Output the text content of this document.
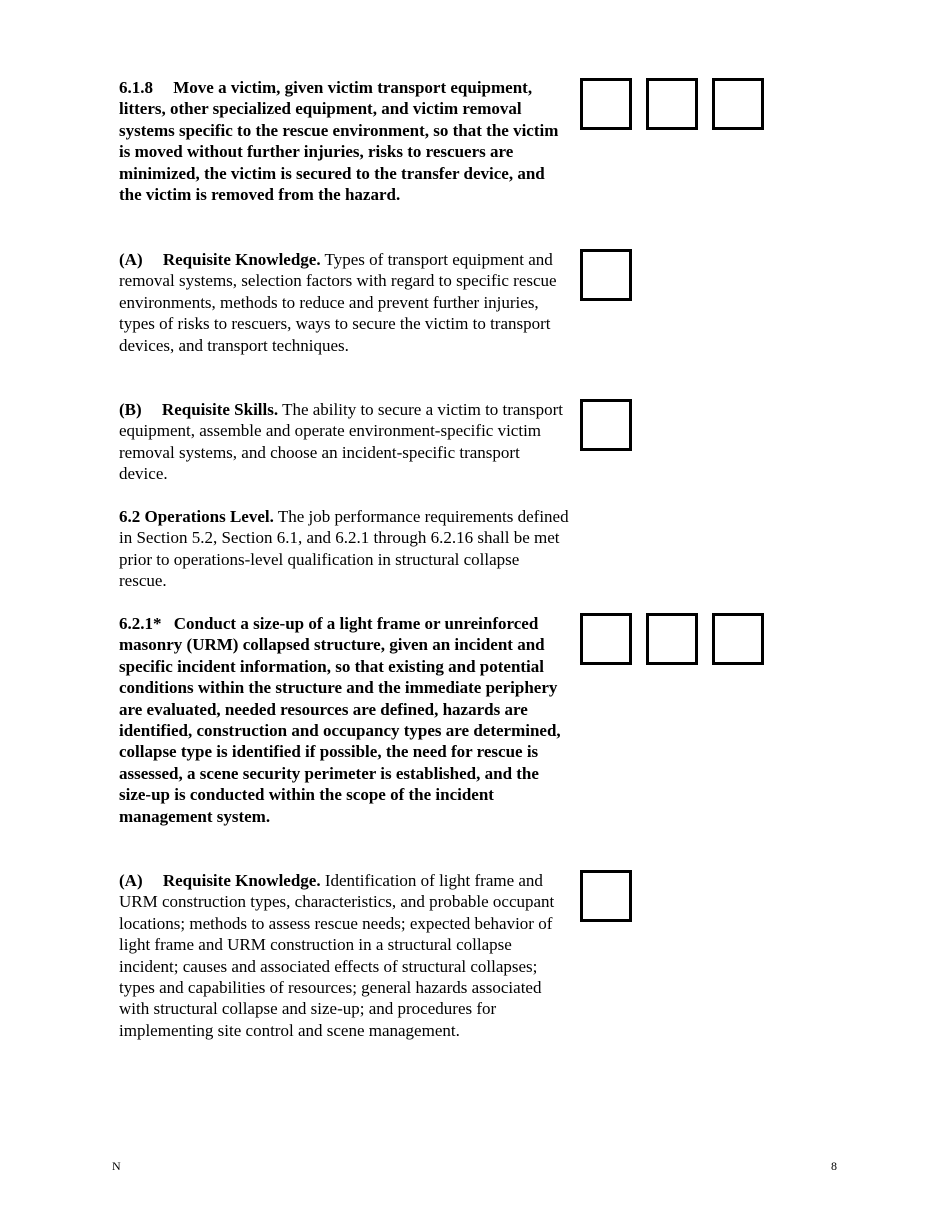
6.1.8 Move a victim, given victim transport equipment, litters, other specialized equipment, and victim removal systems specific to the rescue environment, so that the victim is moved without further injuries, risks to rescuers are minimized, the victim is secured to the transfer device, and the victim is removed from the hazard.
(A) Requisite Knowledge. Types of transport equipment and removal systems, selection factors with regard to specific rescue environments, methods to reduce and prevent further injuries, types of risks to rescuers, ways to secure the victim to transport devices, and transport techniques.
(B) Requisite Skills. The ability to secure a victim to transport equipment, assemble and operate environment-specific victim removal systems, and choose an incident-specific transport device.
6.2 Operations Level. The job performance requirements defined in Section 5.2, Section 6.1, and 6.2.1 through 6.2.16 shall be met prior to operations-level qualification in structural collapse rescue.
6.2.1* Conduct a size-up of a light frame or unreinforced masonry (URM) collapsed structure, given an incident and specific incident information, so that existing and potential conditions within the structure and the immediate periphery are evaluated, needed resources are defined, hazards are identified, construction and occupancy types are determined, collapse type is identified if possible, the need for rescue is assessed, a scene security perimeter is established, and the size-up is conducted within the scope of the incident management system.
(A) Requisite Knowledge. Identification of light frame and URM construction types, characteristics, and probable occupant locations; methods to assess rescue needs; expected behavior of light frame and URM construction in a structural collapse incident; causes and associated effects of structural collapses; types and capabilities of resources; general hazards associated with structural collapse and size-up; and procedures for implementing site control and scene management.
N	8
